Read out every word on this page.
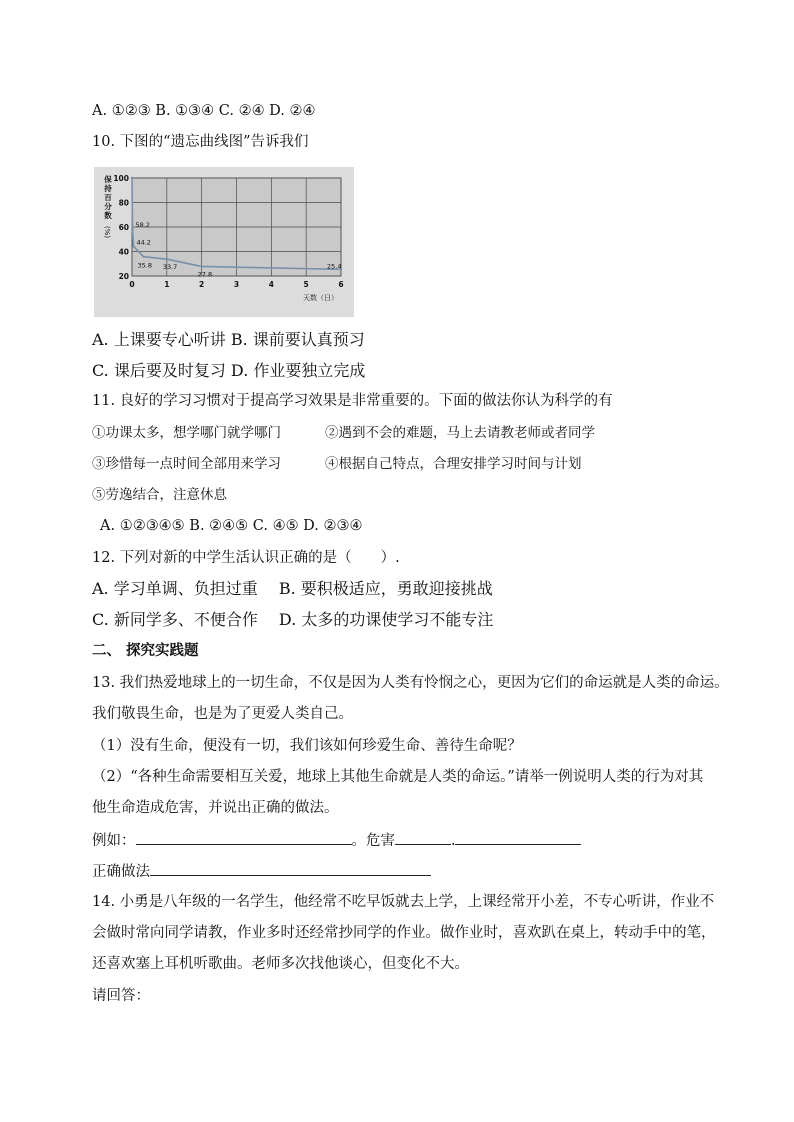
A. ①②③ B. ①③④ C. ②④ D. ②④
10. 下图的“遗忘曲线图”告诉我们
0	1	2	3	4	5	6
20
40
60
80
100
保
持
百
分
数
(%)
天数（日）
58.2
44.2
35.8 33.7
27.8
25.4
A. 上课要专心听讲 B. 课前要认真预习
C. 课后要及时复习 D. 作业要独立完成
11. 良好的学习习惯对于提高学习效果是非常重要的。下面的做法你认为科学的有
①功课太多，想学哪门就学哪门	②遇到不会的难题，马上去请教老师或者同学
③珍惜每一点时间全部用来学习	④根据自己特点，合理安排学习时间与计划
⑤劳逸结合，注意休息
A. ①②③④⑤ B. ②④⑤ C. ④⑤ D. ②③④
12. 下列对新的中学生活认识正确的是（　　）.
A. 学习单调、负担过重　 B. 要积极适应，勇敢迎接挑战
C. 新同学多、不便合作　 D. 太多的功课使学习不能专注
二、 探究实践题
13. 我们热爱地球上的一切生命，不仅是因为人类有怜悯之心，更因为它们的命运就是人类的命运。
我们敬畏生命，也是为了更爱人类自己。
（1）没有生命，便没有一切，我们该如何珍爱生命、善待生命呢？
（2）“各种生命需要相互关爱，地球上其他生命就是人类的命运。”请举一例说明人类的行为对其
他生命造成危害，并说出正确的做法。
例如：	。危害	.
正确做法
14. 小勇是八年级的一名学生，他经常不吃早饭就去上学，上课经常开小差，不专心听讲，作业不
会做时常向同学请教，作业多时还经常抄同学的作业。做作业时，喜欢趴在桌上，转动手中的笔，
还喜欢塞上耳机听歌曲。老师多次找他谈心，但变化不大。
请回答：
